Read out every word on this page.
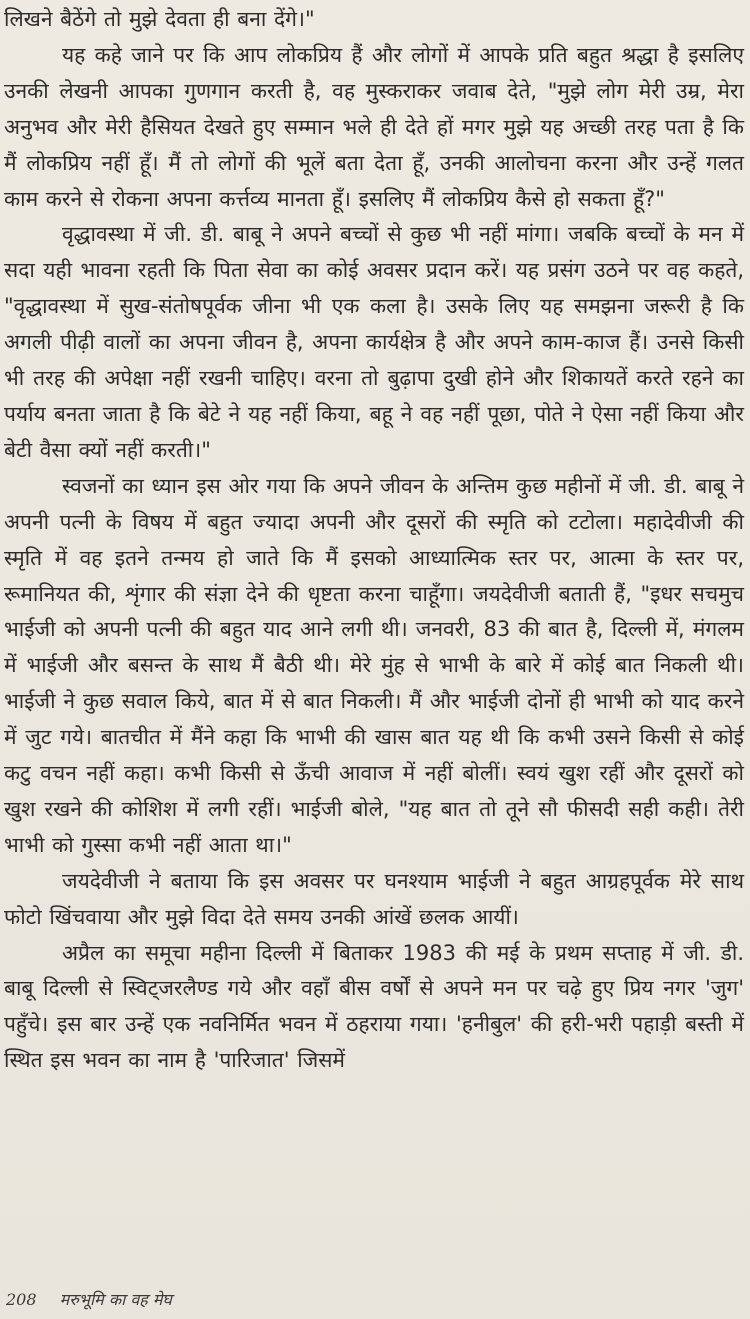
लिखने बैठेंगे तो मुझे देवता ही बना देंगे।"

यह कहे जाने पर कि आप लोकप्रिय हैं और लोगों में आपके प्रति बहुत श्रद्धा है इसलिए उनकी लेखनी आपका गुणगान करती है, वह मुस्कराकर जवाब देते, "मुझे लोग मेरी उम्र, मेरा अनुभव और मेरी हैसियत देखते हुए सम्मान भले ही देते हों मगर मुझे यह अच्छी तरह पता है कि मैं लोकप्रिय नहीं हूँ। मैं तो लोगों की भूलें बता देता हूँ, उनकी आलोचना करना और उन्हें गलत काम करने से रोकना अपना कर्त्तव्य मानता हूँ। इसलिए मैं लोकप्रिय कैसे हो सकता हूँ?"

वृद्धावस्था में जी. डी. बाबू ने अपने बच्चों से कुछ भी नहीं मांगा। जबकि बच्चों के मन में सदा यही भावना रहती कि पिता सेवा का कोई अवसर प्रदान करें। यह प्रसंग उठने पर वह कहते, "वृद्धावस्था में सुख-संतोषपूर्वक जीना भी एक कला है। उसके लिए यह समझना जरूरी है कि अगली पीढ़ी वालों का अपना जीवन है, अपना कार्यक्षेत्र है और अपने काम-काज हैं। उनसे किसी भी तरह की अपेक्षा नहीं रखनी चाहिए। वरना तो बुढ़ापा दुखी होने और शिकायतें करते रहने का पर्याय बनता जाता है कि बेटे ने यह नहीं किया, बहू ने वह नहीं पूछा, पोते ने ऐसा नहीं किया और बेटी वैसा क्यों नहीं करती।"

स्वजनों का ध्यान इस ओर गया कि अपने जीवन के अन्तिम कुछ महीनों में जी. डी. बाबू ने अपनी पत्नी के विषय में बहुत ज्यादा अपनी और दूसरों की स्मृति को टटोला। महादेवीजी की स्मृति में वह इतने तन्मय हो जाते कि मैं इसको आध्यात्मिक स्तर पर, आत्मा के स्तर पर, रूमानियत की, शृंगार की संज्ञा देने की धृष्टता करना चाहूँगा। जयदेवीजी बताती हैं, "इधर सचमुच भाईजी को अपनी पत्नी की बहुत याद आने लगी थी। जनवरी, 83 की बात है, दिल्ली में, मंगलम में भाईजी और बसन्त के साथ मैं बैठी थी। मेरे मुंह से भाभी के बारे में कोई बात निकली थी। भाईजी ने कुछ सवाल किये, बात में से बात निकली। मैं और भाईजी दोनों ही भाभी को याद करने में जुट गये। बातचीत में मैंने कहा कि भाभी की खास बात यह थी कि कभी उसने किसी से कोई कटु वचन नहीं कहा। कभी किसी से ऊँची आवाज में नहीं बोलीं। स्वयं खुश रहीं और दूसरों को खुश रखने की कोशिश में लगी रहीं। भाईजी बोले, "यह बात तो तूने सौ फीसदी सही कही। तेरी भाभी को गुस्सा कभी नहीं आता था।"

जयदेवीजी ने बताया कि इस अवसर पर घनश्याम भाईजी ने बहुत आग्रहपूर्वक मेरे साथ फोटो खिंचवाया और मुझे विदा देते समय उनकी आंखें छलक आयीं।

अप्रैल का समूचा महीना दिल्ली में बिताकर 1983 की मई के प्रथम सप्ताह में जी. डी. बाबू दिल्ली से स्विट्जरलैण्ड गये और वहाँ बीस वर्षों से अपने मन पर चढ़े हुए प्रिय नगर 'जुग' पहुँचे। इस बार उन्हें एक नवनिर्मित भवन में ठहराया गया। 'हनीबुल' की हरी-भरी पहाड़ी बस्ती में स्थित इस भवन का नाम है 'पारिजात' जिसमें

208 मरुभूमि का वह मेघ
